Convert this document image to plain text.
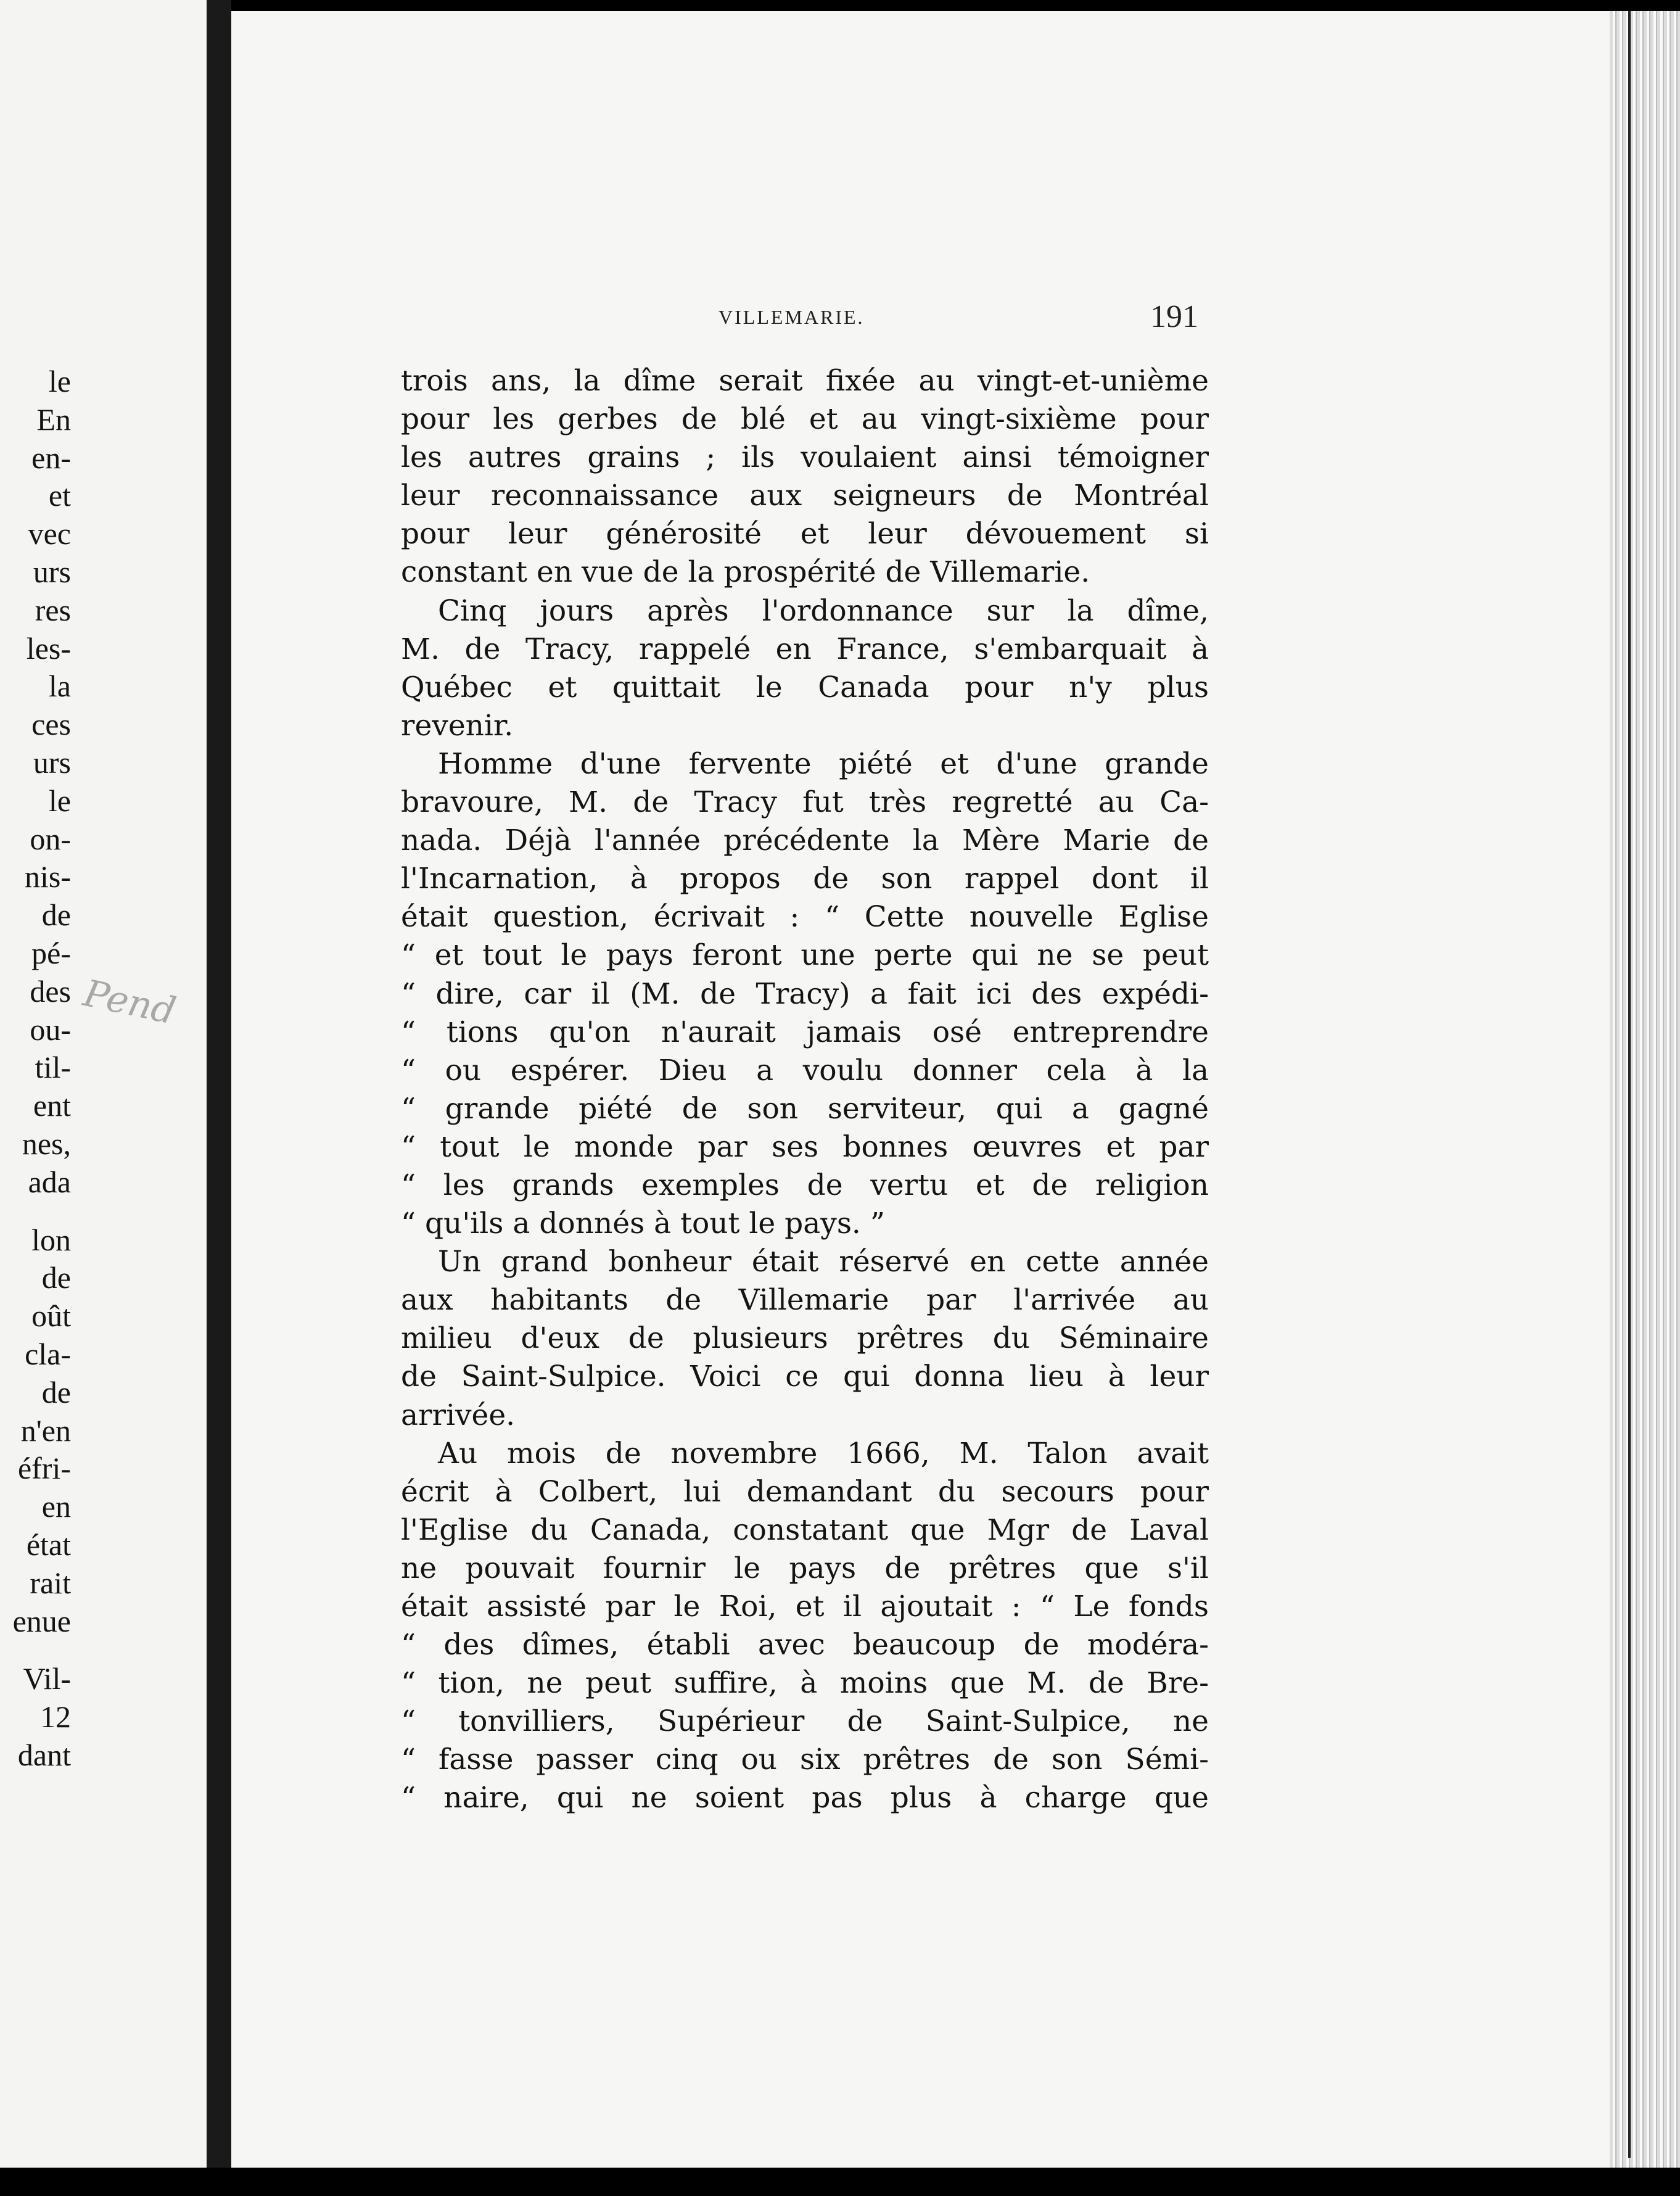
le
En
en-
et
vec
urs
res
les-
la
ces
urs
le
on-
nis-
de
pé-
des
ou-
til-
ent
nes,
ada
lon
de
oût
cla-
de
n'en
éfri-
en
état
rait
enue
Vil-
12
dant
Pend
VILLEMARIE.	191
trois ans, la dîme serait fixée au vingt-et-unième
pour les gerbes de blé et au vingt-sixième pour
les autres grains ; ils voulaient ainsi témoigner
leur reconnaissance aux seigneurs de Montréal
pour leur générosité et leur dévouement si
constant en vue de la prospérité de Villemarie.
Cinq jours après l'ordonnance sur la dîme,
M. de Tracy, rappelé en France, s'embarquait à
Québec et quittait le Canada pour n'y plus
revenir.
Homme d'une fervente piété et d'une grande
bravoure, M. de Tracy fut très regretté au Ca-
nada. Déjà l'année précédente la Mère Marie de
l'Incarnation, à propos de son rappel dont il
était question, écrivait : “ Cette nouvelle Eglise
“ et tout le pays feront une perte qui ne se peut
“ dire, car il (M. de Tracy) a fait ici des expédi-
“ tions qu'on n'aurait jamais osé entreprendre
“ ou espérer. Dieu a voulu donner cela à la
“ grande piété de son serviteur, qui a gagné
“ tout le monde par ses bonnes œuvres et par
“ les grands exemples de vertu et de religion
“ qu'ils a donnés à tout le pays. ”
Un grand bonheur était réservé en cette année
aux habitants de Villemarie par l'arrivée au
milieu d'eux de plusieurs prêtres du Séminaire
de Saint-Sulpice. Voici ce qui donna lieu à leur
arrivée.
Au mois de novembre 1666, M. Talon avait
écrit à Colbert, lui demandant du secours pour
l'Eglise du Canada, constatant que Mgr de Laval
ne pouvait fournir le pays de prêtres que s'il
était assisté par le Roi, et il ajoutait : “ Le fonds
“ des dîmes, établi avec beaucoup de modéra-
“ tion, ne peut suffire, à moins que M. de Bre-
“ tonvilliers, Supérieur de Saint-Sulpice, ne
“ fasse passer cinq ou six prêtres de son Sémi-
“ naire, qui ne soient pas plus à charge que
